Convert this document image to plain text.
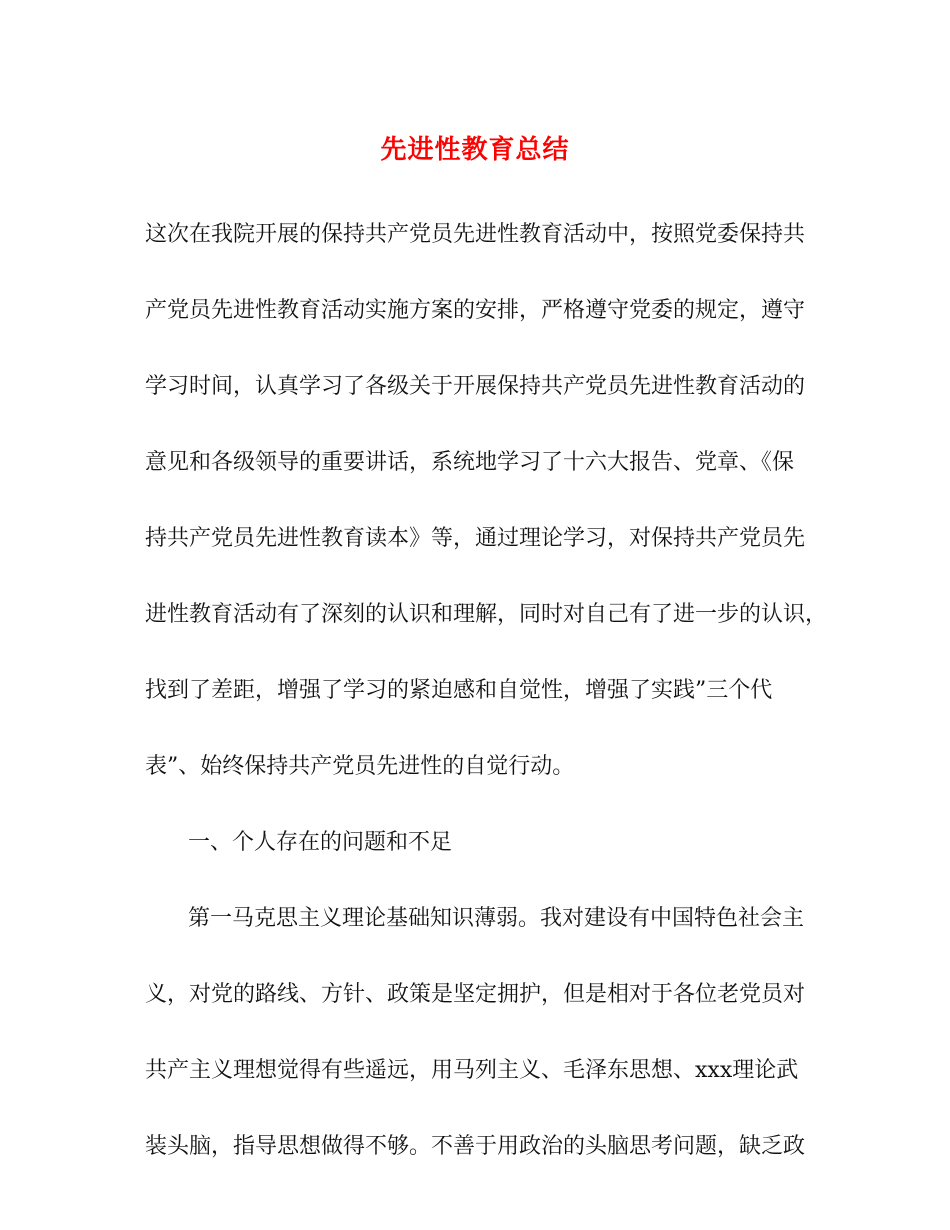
先进性教育总结
这次在我院开展的保持共产党员先进性教育活动中，按照党委保持共
产党员先进性教育活动实施方案的安排，严格遵守党委的规定，遵守
学习时间，认真学习了各级关于开展保持共产党员先进性教育活动的
意见和各级领导的重要讲话，系统地学习了十六大报告、党章、《保
持共产党员先进性教育读本》等，通过理论学习，对保持共产党员先
进性教育活动有了深刻的认识和理解，同时对自己有了进一步的认识，
找到了差距，增强了学习的紧迫感和自觉性，增强了实践”三个代
表”、始终保持共产党员先进性的自觉行动。
一、个人存在的问题和不足
第一马克思主义理论基础知识薄弱。我对建设有中国特色社会主
义，对党的路线、方针、政策是坚定拥护，但是相对于各位老党员对
共产主义理想觉得有些遥远，用马列主义、毛泽东思想、xxx理论武
装头脑，指导思想做得不够。不善于用政治的头脑思考问题，缺乏政
